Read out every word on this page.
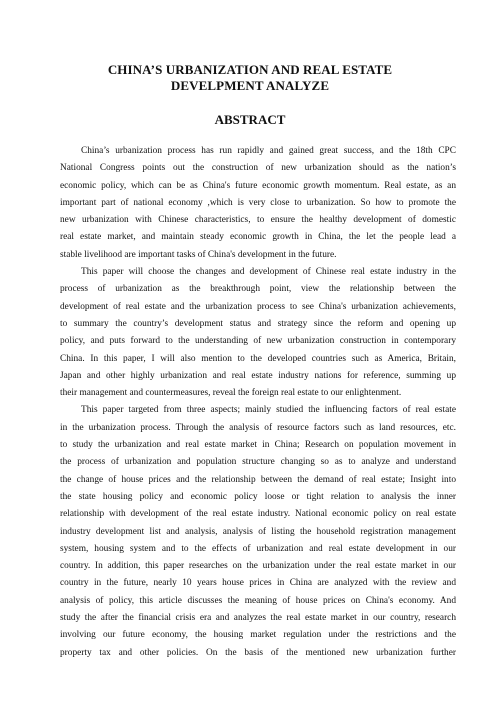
CHINA’S URBANIZATION AND REAL ESTATE
DEVELPMENT ANALYZE
ABSTRACT
China’s urbanization process has run rapidly and gained great success, and the 18th CPC
National Congress points out the construction of new urbanization should as the nation’s
economic policy, which can be as China's future economic growth momentum. Real estate, as an
important part of national economy ,which is very close to urbanization. So how to promote the
new urbanization with Chinese characteristics, to ensure the healthy development of domestic
real estate market, and maintain steady economic growth in China, the let the people lead a
stable livelihood are important tasks of China's development in the future.
This paper will choose the changes and development of Chinese real estate industry in the
process of urbanization as the breakthrough point, view the relationship between the
development of real estate and the urbanization process to see China's urbanization achievements,
to summary the country’s development status and strategy since the reform and opening up
policy, and puts forward to the understanding of new urbanization construction in contemporary
China. In this paper, I will also mention to the developed countries such as America, Britain,
Japan and other highly urbanization and real estate industry nations for reference, summing up
their management and countermeasures, reveal the foreign real estate to our enlightenment.
This paper targeted from three aspects; mainly studied the influencing factors of real estate
in the urbanization process. Through the analysis of resource factors such as land resources, etc.
to study the urbanization and real estate market in China; Research on population movement in
the process of urbanization and population structure changing so as to analyze and understand
the change of house prices and the relationship between the demand of real estate; Insight into
the state housing policy and economic policy loose or tight relation to analysis the inner
relationship with development of the real estate industry. National economic policy on real estate
industry development list and analysis, analysis of listing the household registration management
system, housing system and to the effects of urbanization and real estate development in our
country. In addition, this paper researches on the urbanization under the real estate market in our
country in the future, nearly 10 years house prices in China are analyzed with the review and
analysis of policy, this article discusses the meaning of house prices on China's economy. And
study the after the financial crisis era and analyzes the real estate market in our country, research
involving our future economy, the housing market regulation under the restrictions and the
property tax and other policies. On the basis of the mentioned new urbanization further
